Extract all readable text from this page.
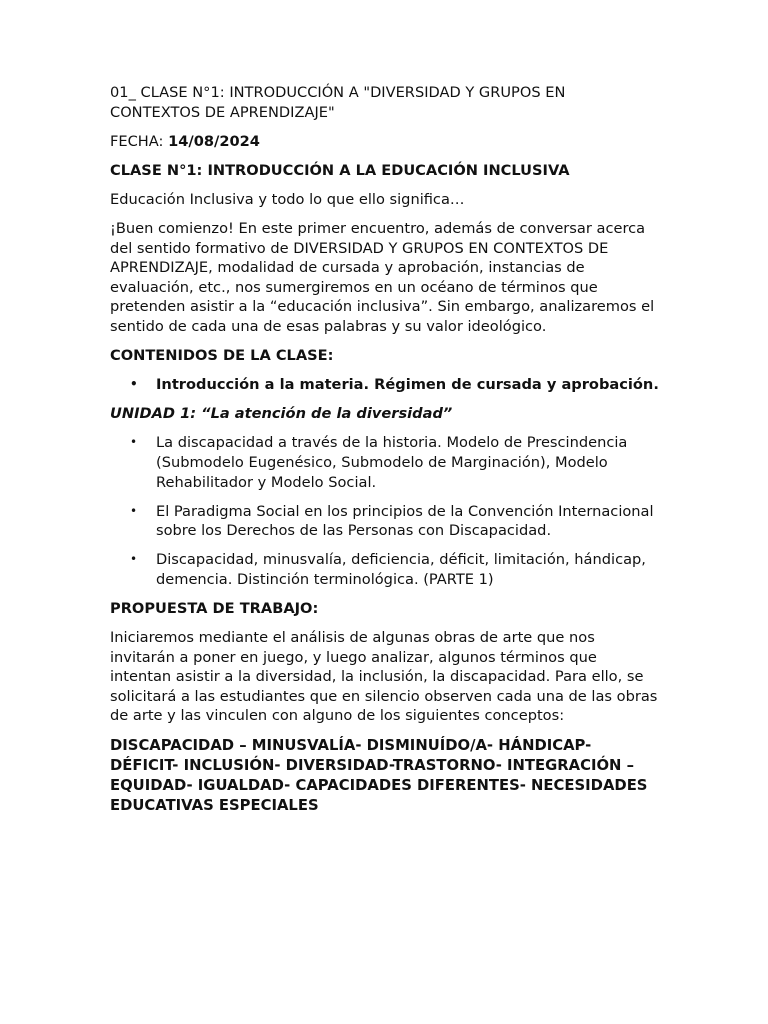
01_ CLASE N°1: INTRODUCCIÓN A "DIVERSIDAD Y GRUPOS EN
CONTEXTOS DE APRENDIZAJE"

FECHA: 14/08/2024

CLASE N°1: INTRODUCCIÓN A LA EDUCACIÓN INCLUSIVA

Educación Inclusiva y todo lo que ello significa…

¡Buen comienzo! En este primer encuentro, además de conversar acerca del sentido formativo de DIVERSIDAD Y GRUPOS EN CONTEXTOS DE APRENDIZAJE, modalidad de cursada y aprobación, instancias de evaluación, etc., nos sumergiremos en un océano de términos que pretenden asistir a la “educación inclusiva”. Sin embargo, analizaremos el sentido de cada una de esas palabras y su valor ideológico.

CONTENIDOS DE LA CLASE:

• Introducción a la materia. Régimen de cursada y aprobación.

UNIDAD 1: “La atención de la diversidad”

• La discapacidad a través de la historia. Modelo de Prescindencia (Submodelo Eugenésico, Submodelo de Marginación), Modelo Rehabilitador y Modelo Social.
• El Paradigma Social en los principios de la Convención Internacional sobre los Derechos de las Personas con Discapacidad.
• Discapacidad, minusvalía, deficiencia, déficit, limitación, hándicap, demencia. Distinción terminológica. (PARTE 1)

PROPUESTA DE TRABAJO:

Iniciaremos mediante el análisis de algunas obras de arte que nos invitarán a poner en juego, y luego analizar, algunos términos que intentan asistir a la diversidad, la inclusión, la discapacidad. Para ello, se solicitará a las estudiantes que en silencio observen cada una de las obras de arte y las vinculen con alguno de los siguientes conceptos:

DISCAPACIDAD – MINUSVALÍA- DISMINUÍDO/A- HÁNDICAP- DÉFICIT- INCLUSIÓN- DIVERSIDAD-TRASTORNO- INTEGRACIÓN – EQUIDAD- IGUALDAD- CAPACIDADES DIFERENTES- NECESIDADES EDUCATIVAS ESPECIALES
